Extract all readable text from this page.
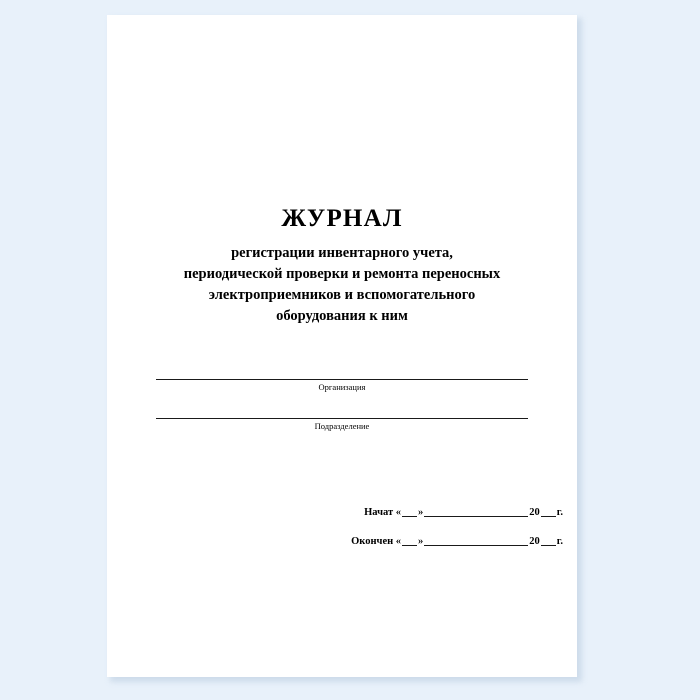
ЖУРНАЛ
регистрации инвентарного учета,
периодической проверки и ремонта переносных
электроприемников и вспомогательного
оборудования к ним
Организация
Подразделение
Начат « »	20 г.
Окончен « »	20 г.
